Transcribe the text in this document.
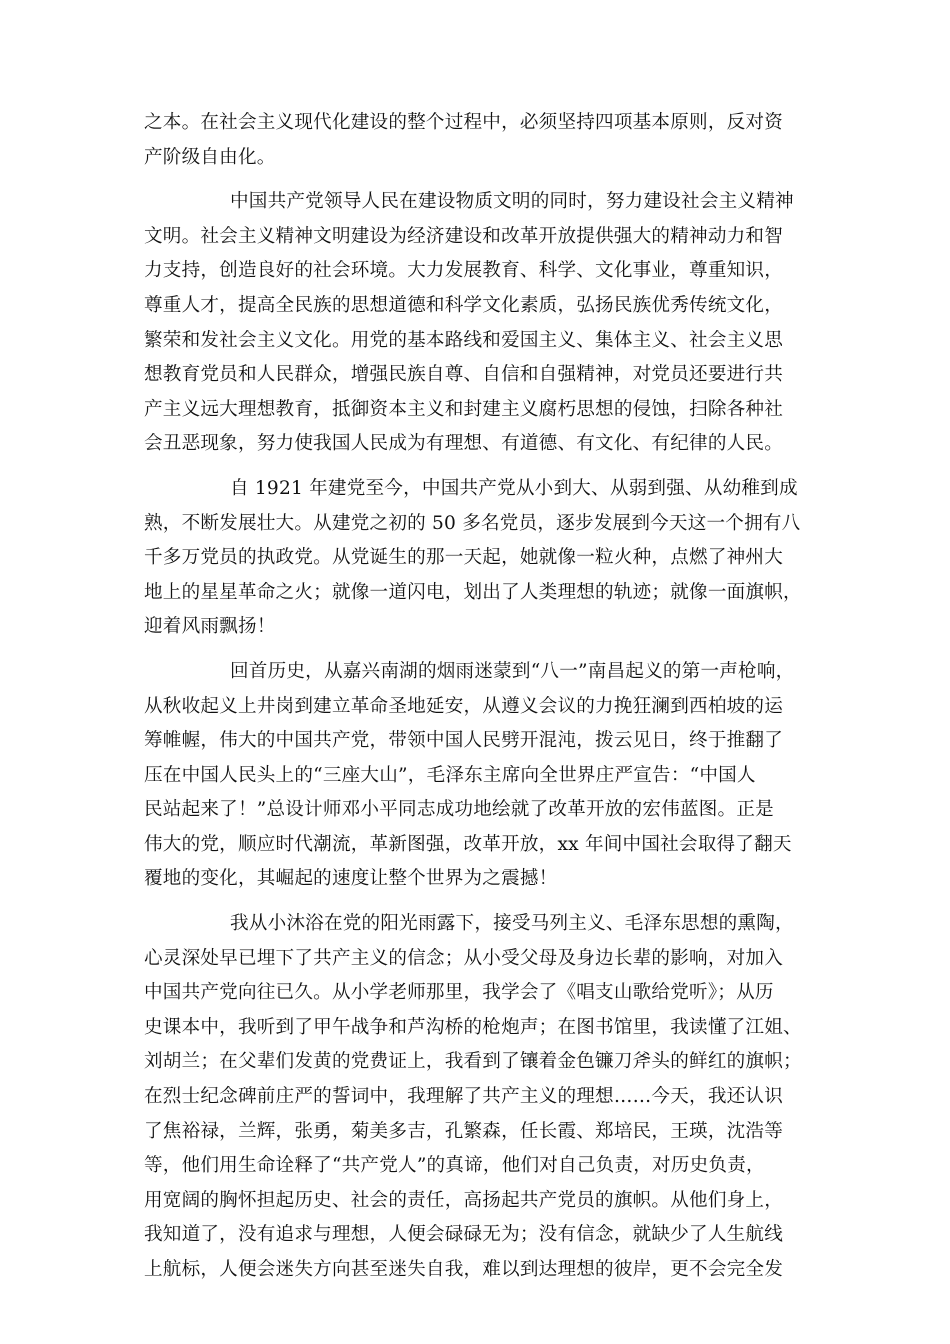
之本。在社会主义现代化建设的整个过程中，必须坚持四项基本原则，反对资
产阶级自由化。
中国共产党领导人民在建设物质文明的同时，努力建设社会主义精神
文明。社会主义精神文明建设为经济建设和改革开放提供强大的精神动力和智
力支持，创造良好的社会环境。大力发展教育、科学、文化事业，尊重知识，
尊重人才，提高全民族的思想道德和科学文化素质，弘扬民族优秀传统文化，
繁荣和发社会主义文化。用党的基本路线和爱国主义、集体主义、社会主义思
想教育党员和人民群众，增强民族自尊、自信和自强精神，对党员还要进行共
产主义远大理想教育，抵御资本主义和封建主义腐朽思想的侵蚀，扫除各种社
会丑恶现象，努力使我国人民成为有理想、有道德、有文化、有纪律的人民。
自 1921 年建党至今，中国共产党从小到大、从弱到强、从幼稚到成
熟，不断发展壮大。从建党之初的 50 多名党员，逐步发展到今天这一个拥有八
千多万党员的执政党。从党诞生的那一天起，她就像一粒火种，点燃了神州大
地上的星星革命之火；就像一道闪电，划出了人类理想的轨迹；就像一面旗帜，
迎着风雨飘扬！
回首历史，从嘉兴南湖的烟雨迷蒙到“八一”南昌起义的第一声枪响，
从秋收起义上井岗到建立革命圣地延安，从遵义会议的力挽狂澜到西柏坡的运
筹帷幄，伟大的中国共产党，带领中国人民劈开混沌，拨云见日，终于推翻了
压在中国人民头上的“三座大山”，毛泽东主席向全世界庄严宣告：“中国人
民站起来了！”总设计师邓小平同志成功地绘就了改革开放的宏伟蓝图。正是
伟大的党，顺应时代潮流，革新图强，改革开放，xx 年间中国社会取得了翻天
覆地的变化，其崛起的速度让整个世界为之震撼！
我从小沐浴在党的阳光雨露下，接受马列主义、毛泽东思想的熏陶，
心灵深处早已埋下了共产主义的信念；从小受父母及身边长辈的影响，对加入
中国共产党向往已久。从小学老师那里，我学会了《唱支山歌给党听》；从历
史课本中，我听到了甲午战争和芦沟桥的枪炮声；在图书馆里，我读懂了江姐、
刘胡兰；在父辈们发黄的党费证上，我看到了镶着金色镰刀斧头的鲜红的旗帜；
在烈士纪念碑前庄严的誓词中，我理解了共产主义的理想……今天，我还认识
了焦裕禄，兰辉，张勇，菊美多吉，孔繁森，任长霞、郑培民，王瑛，沈浩等
等，他们用生命诠释了“共产党人”的真谛，他们对自己负责，对历史负责，
用宽阔的胸怀担起历史、社会的责任，高扬起共产党员的旗帜。从他们身上，
我知道了，没有追求与理想，人便会碌碌无为；没有信念，就缺少了人生航线
上航标，人便会迷失方向甚至迷失自我，难以到达理想的彼岸，更不会完全发
